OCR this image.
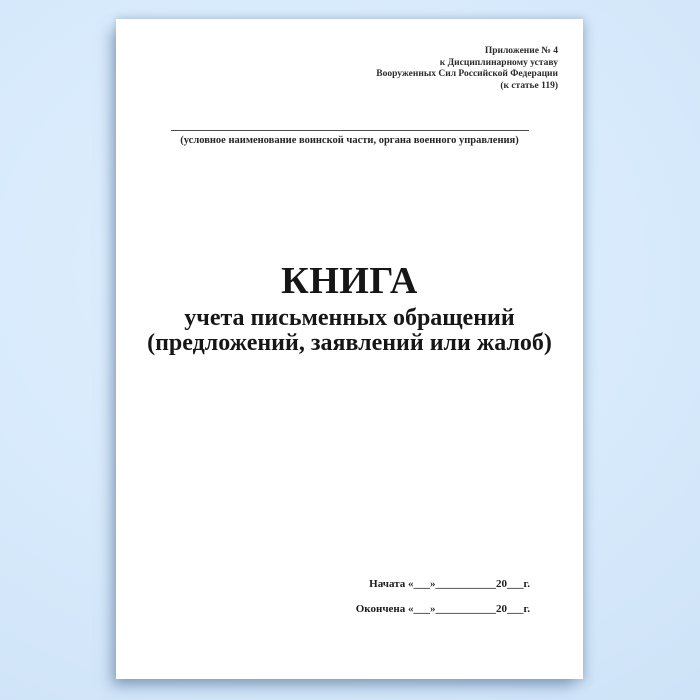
Приложение № 4
к Дисциплинарному уставу
Вооруженных Сил Российской Федерации
(к статье 119)
(условное наименование воинской части, органа военного управления)
КНИГА
учета письменных обращений
(предложений, заявлений или жалоб)
Начата «___»___________20___г.
Окончена «___»___________20___г.
